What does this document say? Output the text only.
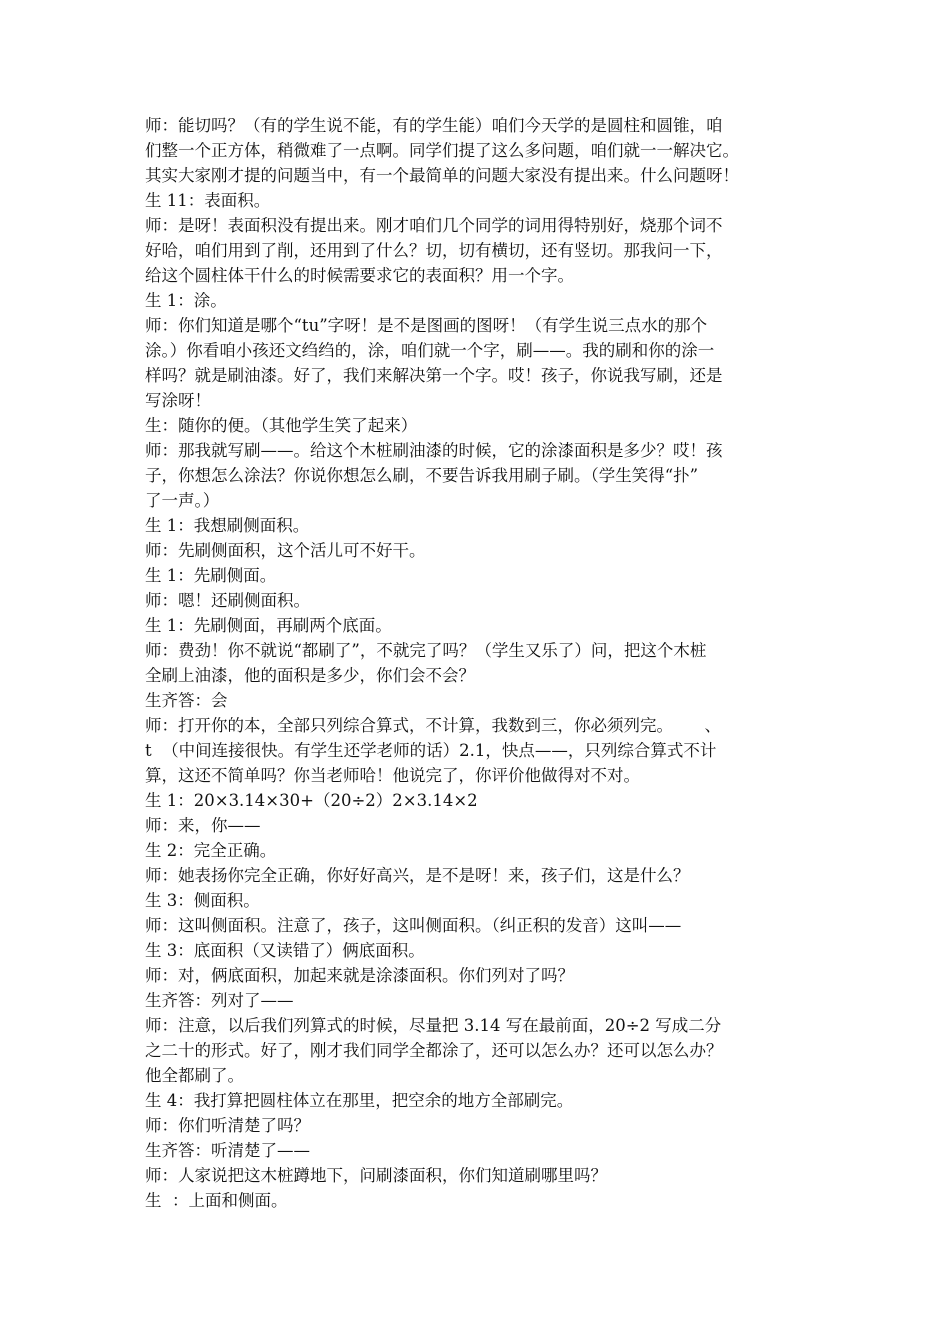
师：能切吗？（有的学生说不能，有的学生能）咱们今天学的是圆柱和圆锥，咱
们整一个正方体，稍微难了一点啊。同学们提了这么多问题，咱们就一一解决它。
其实大家刚才提的问题当中，有一个最简单的问题大家没有提出来。什么问题呀！
生 11：表面积。
师：是呀！表面积没有提出来。刚才咱们几个同学的词用得特别好，烧那个词不
好哈，咱们用到了削，还用到了什么？切，切有横切，还有竖切。那我问一下，
给这个圆柱体干什么的时候需要求它的表面积？用一个字。
生 1：涂。
师：你们知道是哪个“tu”字呀！是不是图画的图呀！（有学生说三点水的那个
涂。）你看咱小孩还文绉绉的，涂，咱们就一个字，刷——。我的刷和你的涂一
样吗？就是刷油漆。好了，我们来解决第一个字。哎！孩子，你说我写刷，还是
写涂呀！
生：随你的便。（其他学生笑了起来）
师：那我就写刷——。给这个木桩刷油漆的时候，它的涂漆面积是多少？哎！孩
子，你想怎么涂法？你说你想怎么刷，不要告诉我用刷子刷。（学生笑得“扑”
了一声。）
生 1：我想刷侧面积。
师：先刷侧面积，这个活儿可不好干。
生 1：先刷侧面。
师：嗯！还刷侧面积。
生 1：先刷侧面，再刷两个底面。
师：费劲！你不就说“都刷了”，不就完了吗？（学生又乐了）问，把这个木桩
全刷上油漆，他的面积是多少，你们会不会？
生齐答：会
师：打开你的本，全部只列综合算式，不计算，我数到三，你必须列完。      、
t  （中间连接很快。有学生还学老师的话）2.1，快点——，只列综合算式不计
算，这还不简单吗？你当老师哈！他说完了，你评价他做得对不对。
生 1：20×3.14×30+（20÷2）2×3.14×2
师：来，你——
生 2：完全正确。
师：她表扬你完全正确，你好好高兴，是不是呀！来，孩子们，这是什么？
生 3：侧面积。
师：这叫侧面积。注意了，孩子，这叫侧面积。（纠正积的发音）这叫——
生 3：底面积（又读错了）俩底面积。
师：对，俩底面积，加起来就是涂漆面积。你们列对了吗？
生齐答：列对了——
师：注意，以后我们列算式的时候，尽量把 3.14 写在最前面，20÷2 写成二分
之二十的形式。好了，刚才我们同学全都涂了，还可以怎么办？还可以怎么办？
他全都刷了。
生 4：我打算把圆柱体立在那里，把空余的地方全部刷完。
师：你们听清楚了吗？
生齐答：听清楚了——
师：人家说把这木桩蹲地下，问刷漆面积，你们知道刷哪里吗？
生  ：上面和侧面。
